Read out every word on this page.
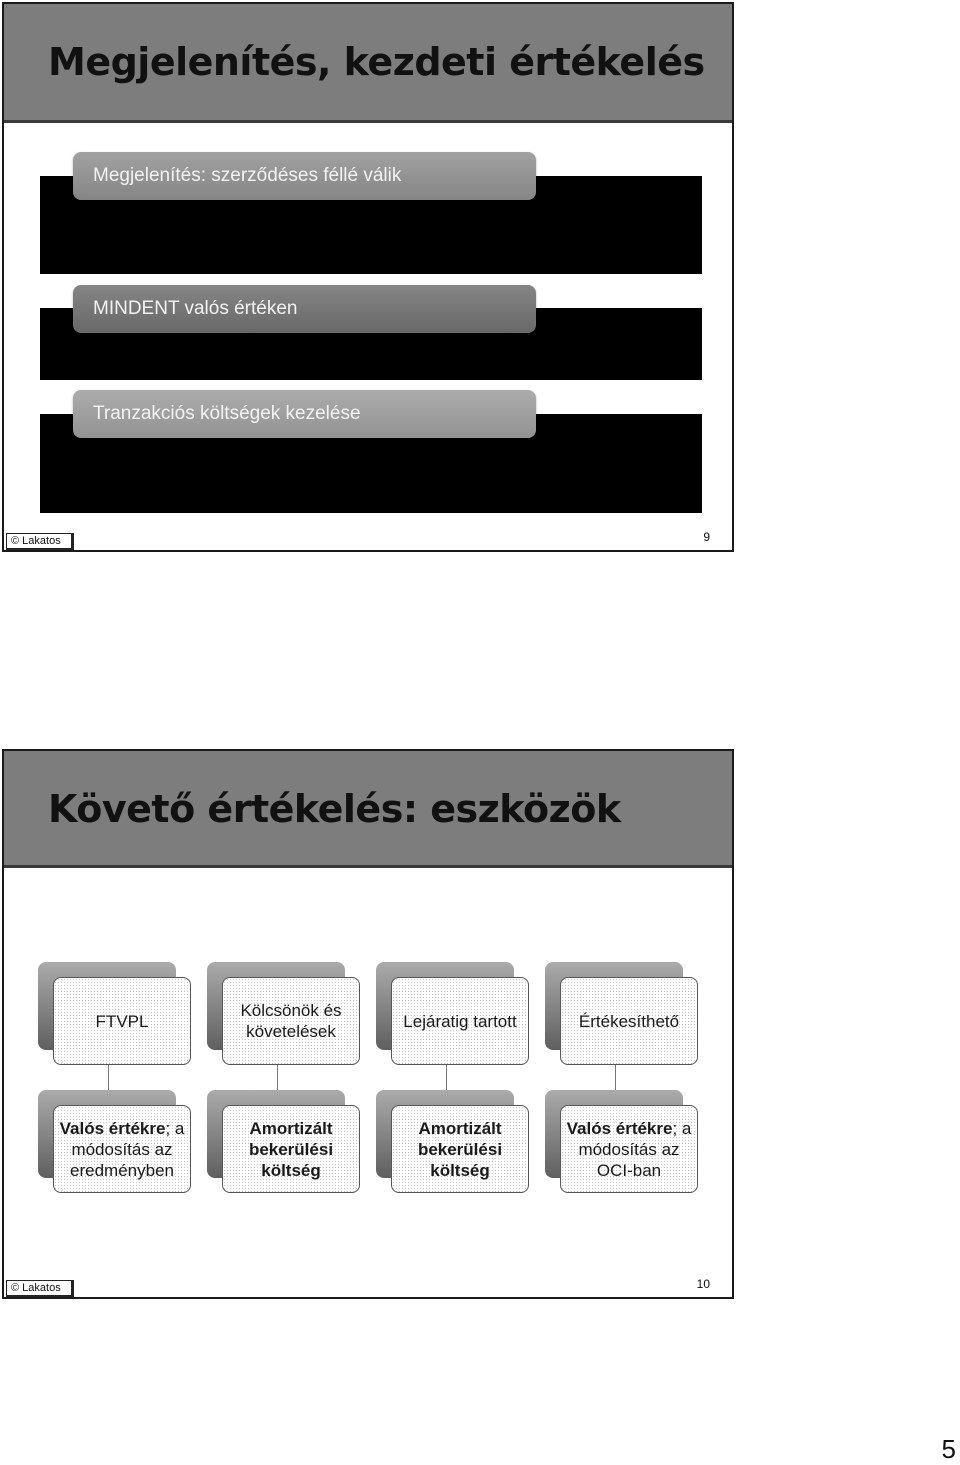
Megjelenítés, kezdeti értékelés
Megjelenítés: szerződéses féllé válik
MINDENT valós értéken
Tranzakciós költségek kezelése
© Lakatos	9
Követő értékelés: eszközök
FTVPL
Valós értékre; a módosítás az eredményben
Kölcsönök és követelések
Amortizált bekerülési költség
Lejáratig tartott
Amortizált bekerülési költség
Értékesíthető
Valós értékre; a módosítás az OCI-ban
© Lakatos	10
5
